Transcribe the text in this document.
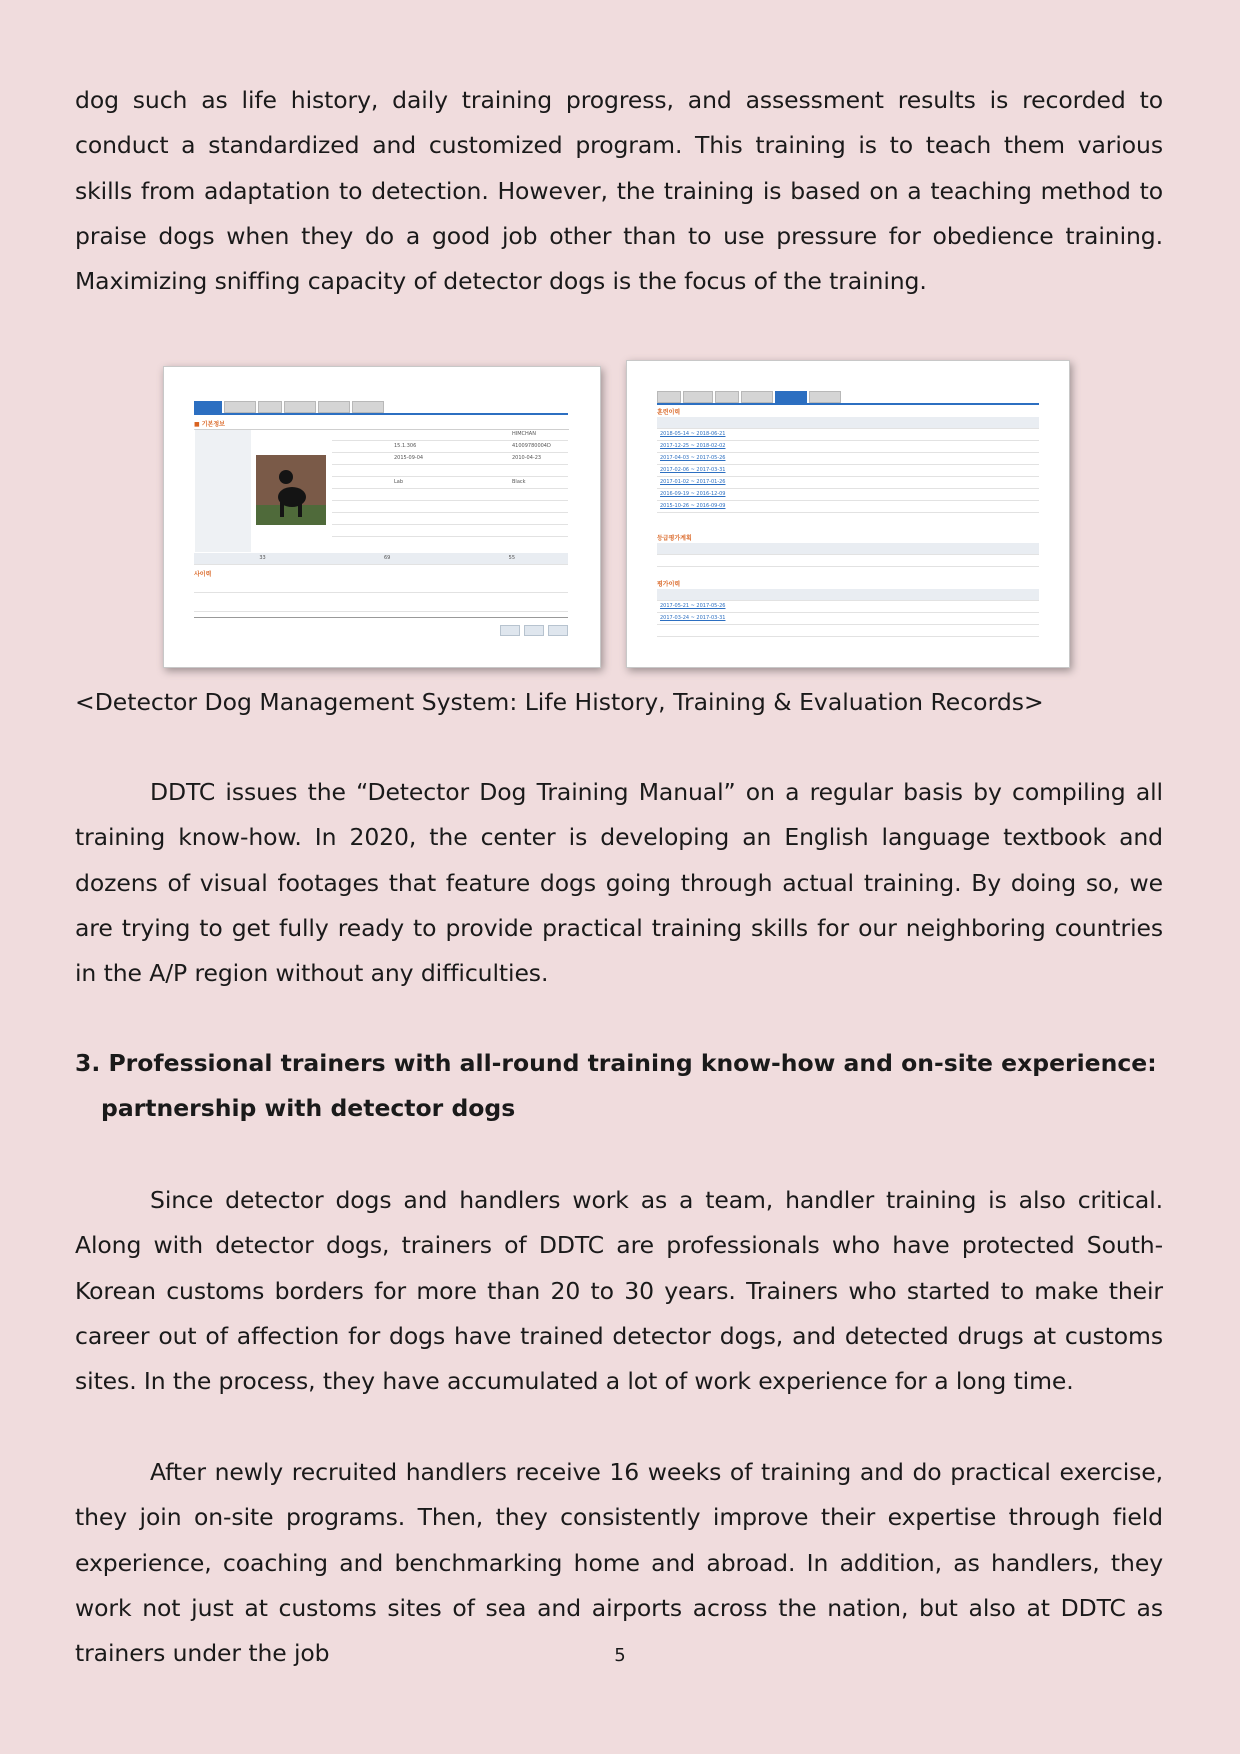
dog such as life history, daily training progress, and assessment results is recorded to conduct a standardized and customized program. This training is to teach them various skills from adaptation to detection. However, the training is based on a teaching method to praise dogs when they do a good job other than to use pressure for obedience training. Maximizing sniffing capacity of detector dogs is the focus of the training.

■ 기본정보
HIMCHAN
15.1.306	41009780004D
2015-09-04	2010-04-23
Lab	Black
33	69	55
사이력
훈련이력
2018-05-14 ~ 2018-06-21
2017-12-25 ~ 2018-02-02
2017-04-03 ~ 2017-05-26
2017-02-06 ~ 2017-03-31
2017-01-02 ~ 2017-01-26
2016-09-19 ~ 2016-12-09
2015-10-26 ~ 2016-09-09
등급평가계획
평가이력
2017-05-21 ~ 2017-05-26
2017-03-24 ~ 2017-03-31

DDTC issues the “Detector Dog Training Manual” on a regular basis by compiling all training know-how. In 2020, the center is developing an English language textbook and dozens of visual footages that feature dogs going through actual training. By doing so, we are trying to get fully ready to provide practical training skills for our neighboring countries in the A/P region without any difficulties.

3. Professional trainers with all-round training know-how and on-site experience:
partnership with detector dogs

Since detector dogs and handlers work as a team, handler training is also critical. Along with detector dogs, trainers of DDTC are professionals who have protected South-Korean customs borders for more than 20 to 30 years. Trainers who started to make their career out of affection for dogs have trained detector dogs, and detected drugs at customs sites. In the process, they have accumulated a lot of work experience for a long time.

After newly recruited handlers receive 16 weeks of training and do practical exercise, they join on-site programs. Then, they consistently improve their expertise through field experience, coaching and benchmarking home and abroad. In addition, as handlers, they work not just at customs sites of sea and airports across the nation, but also at DDTC as trainers under the job

<Detector Dog Management System: Life History, Training & Evaluation Records>
5
